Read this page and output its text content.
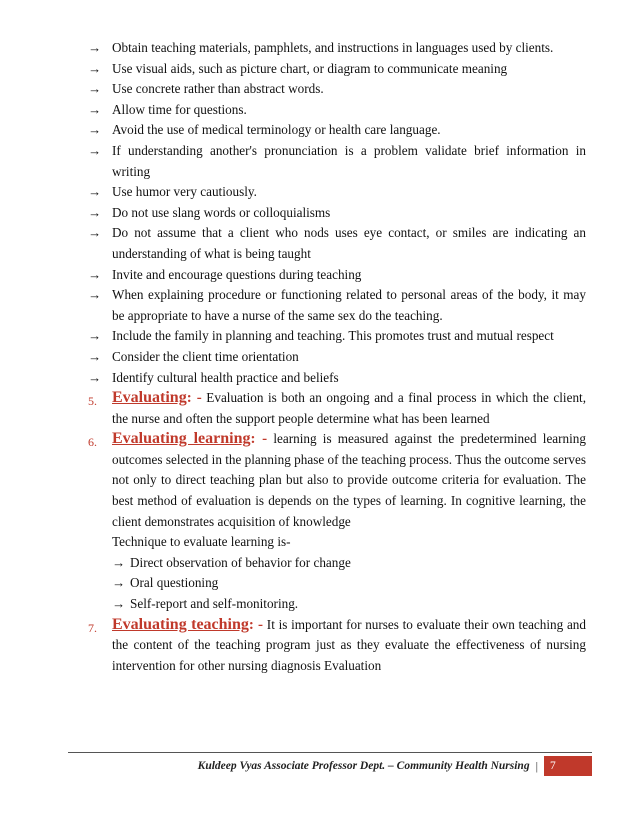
→ Obtain teaching materials, pamphlets, and instructions in languages used by clients.
→ Use visual aids, such as picture chart, or diagram to communicate meaning
→ Use concrete rather than abstract words.
→ Allow time for questions.
→ Avoid the use of medical terminology or health care language.
→ If understanding another's pronunciation is a problem validate brief information in writing
→ Use humor very cautiously.
→ Do not use slang words or colloquialisms
→ Do not assume that a client who nods uses eye contact, or smiles are indicating an understanding of what is being taught
→ Invite and encourage questions during teaching
→ When explaining procedure or functioning related to personal areas of the body, it may be appropriate to have a nurse of the same sex do the teaching.
→ Include the family in planning and teaching. This promotes trust and mutual respect
→ Consider the client time orientation
→ Identify cultural health practice and beliefs
5. Evaluating: - Evaluation is both an ongoing and a final process in which the client, the nurse and often the support people determine what has been learned
6. Evaluating learning: - learning is measured against the predetermined learning outcomes selected in the planning phase of the teaching process. Thus the outcome serves not only to direct teaching plan but also to provide outcome criteria for evaluation. The best method of evaluation is depends on the types of learning. In cognitive learning, the client demonstrates acquisition of knowledge
Technique to evaluate learning is-
→ Direct observation of behavior for change
→ Oral questioning
→ Self-report and self-monitoring.
7. Evaluating teaching: - It is important for nurses to evaluate their own teaching and the content of the teaching program just as they evaluate the effectiveness of nursing intervention for other nursing diagnosis Evaluation
Kuldeep Vyas Associate Professor Dept. – Community Health Nursing |	7
